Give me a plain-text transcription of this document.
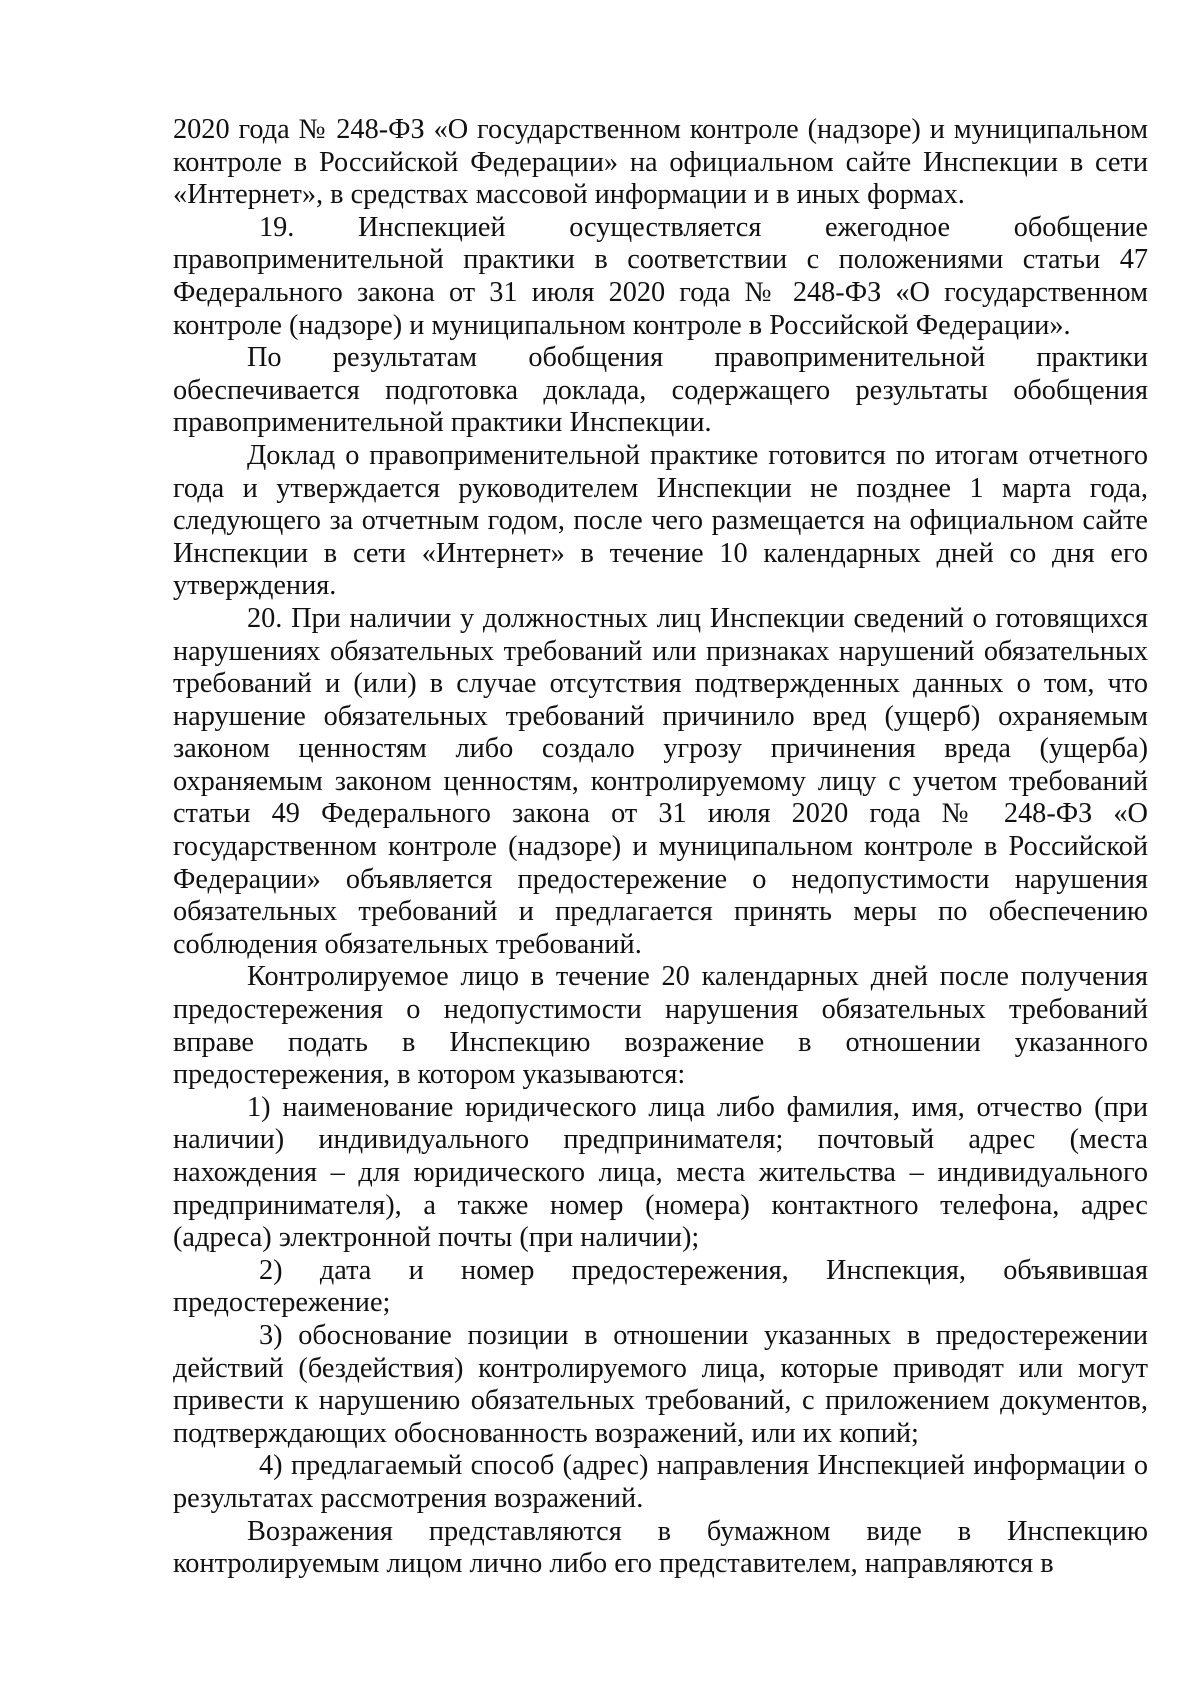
2020 года № 248-ФЗ «О государственном контроле (надзоре) и муниципальном контроле в Российской Федерации» на официальном сайте Инспекции в сети «Интернет», в средствах массовой информации и в иных формах.

19. Инспекцией осуществляется ежегодное обобщение правоприменительной практики в соответствии с положениями статьи 47 Федерального закона от 31 июля 2020 года № 248-ФЗ «О государственном контроле (надзоре) и муниципальном контроле в Российской Федерации».

По результатам обобщения правоприменительной практики обеспечивается подготовка доклада, содержащего результаты обобщения правоприменительной практики Инспекции.

Доклад о правоприменительной практике готовится по итогам отчетного года и утверждается руководителем Инспекции не позднее 1 марта года, следующего за отчетным годом, после чего размещается на официальном сайте Инспекции в сети «Интернет» в течение 10 календарных дней со дня его утверждения.

20. При наличии у должностных лиц Инспекции сведений о готовящихся нарушениях обязательных требований или признаках нарушений обязательных требований и (или) в случае отсутствия подтвержденных данных о том, что нарушение обязательных требований причинило вред (ущерб) охраняемым законом ценностям либо создало угрозу причинения вреда (ущерба) охраняемым законом ценностям, контролируемому лицу с учетом требований статьи 49 Федерального закона от 31 июля 2020 года № 248-ФЗ «О государственном контроле (надзоре) и муниципальном контроле в Российской Федерации» объявляется предостережение о недопустимости нарушения обязательных требований и предлагается принять меры по обеспечению соблюдения обязательных требований.

Контролируемое лицо в течение 20 календарных дней после получения предостережения о недопустимости нарушения обязательных требований вправе подать в Инспекцию возражение в отношении указанного предостережения, в котором указываются:

1) наименование юридического лица либо фамилия, имя, отчество (при наличии) индивидуального предпринимателя; почтовый адрес (места нахождения – для юридического лица, места жительства – индивидуального предпринимателя), а также номер (номера) контактного телефона, адрес (адреса) электронной почты (при наличии);

2) дата и номер предостережения, Инспекция, объявившая предостережение;

3) обоснование позиции в отношении указанных в предостережении действий (бездействия) контролируемого лица, которые приводят или могут привести к нарушению обязательных требований, с приложением документов, подтверждающих обоснованность возражений, или их копий;

4) предлагаемый способ (адрес) направления Инспекцией информации о результатах рассмотрения возражений.

Возражения представляются в бумажном виде в Инспекцию контролируемым лицом лично либо его представителем, направляются в
